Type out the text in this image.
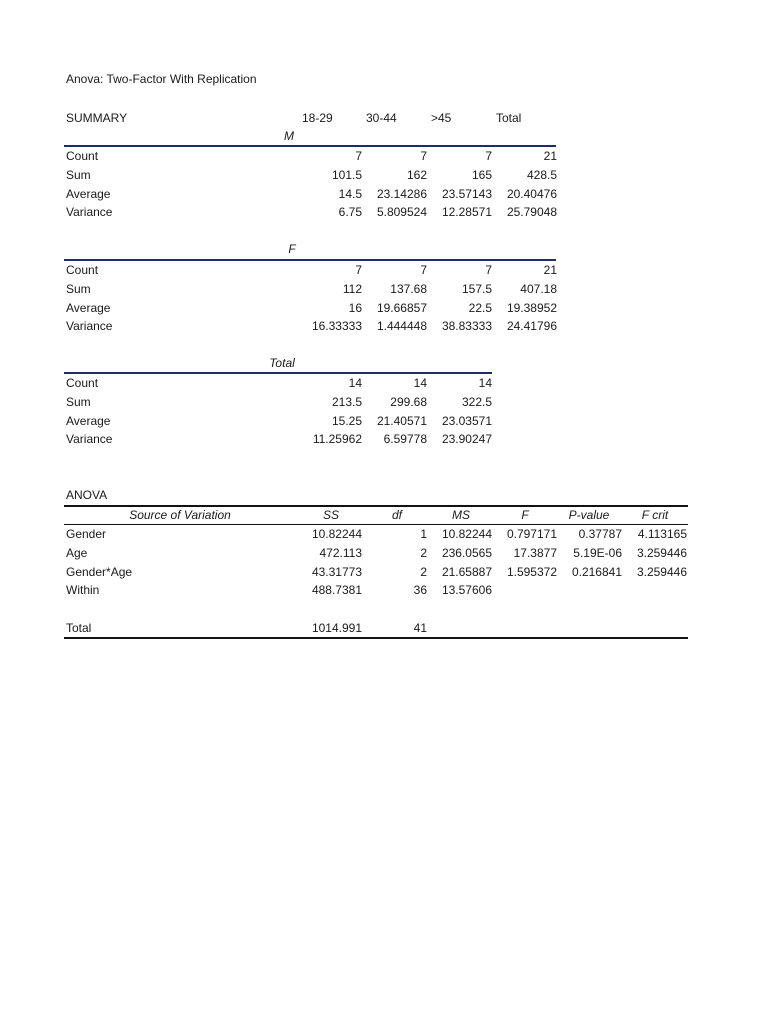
Anova: Two-Factor With Replication
SUMMARY	18-29	30-44	>45	Total
M
Count	7	7	7	21
Sum	101.5	162	165	428.5
Average	14.5	23.14286	23.57143	20.40476
Variance	6.75	5.809524	12.28571	25.79048
F
Count	7	7	7	21
Sum	112	137.68	157.5	407.18
Average	16	19.66857	22.5	19.38952
Variance	16.33333	1.444448	38.83333	24.41796
Total
Count	14	14	14
Sum	213.5	299.68	322.5
Average	15.25	21.40571	23.03571
Variance	11.25962	6.59778	23.90247
ANOVA
Source of Variation	SS	df	MS	F	P-value	F crit
Gender	10.82244	1	10.82244	0.797171	0.37787	4.113165
Age	472.113	2	236.0565	17.3877	5.19E-06	3.259446
Gender*Age	43.31773	2	21.65887	1.595372	0.216841	3.259446
Within	488.7381	36	13.57606
Total	1014.991	41
